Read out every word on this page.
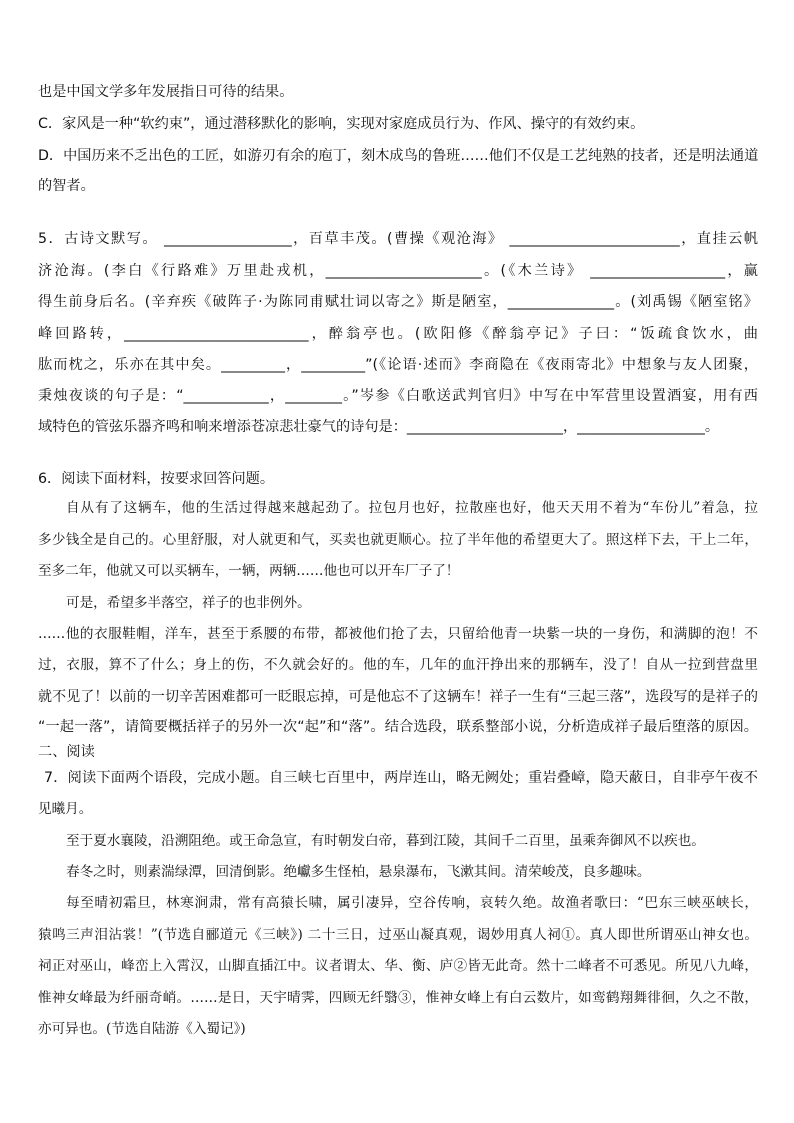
也是中国文学多年发展指日可待的结果。
C．家风是一种“软约束”，通过潜移默化的影响，实现对家庭成员行为、作风、操守的有效约束。
D．中国历来不乏出色的工匠，如游刃有余的庖丁，刻木成鸟的鲁班……他们不仅是工艺纯熟的技者，还是明法通道
的智者。
5．古诗文默写。 __________________，百草丰茂。(曹操《观沧海》 ________________________，直挂云帆
济沧海。(李白《行路难》万里赴戎机，______________________。(《木兰诗》 ___________________，赢
得生前身后名。(辛弃疾《破阵子·为陈同甫赋壮词以寄之》斯是陋室，_______________。(刘禹锡《陋室铭》
峰回路转，__________________________，醉翁亭也。(欧阳修《醉翁亭记》子曰：“饭疏食饮水，曲
肱而枕之，乐亦在其中矣。_________，_________”(《论语·述而》李商隐在《夜雨寄北》中想象与友人团聚，
秉烛夜谈的句子是：“____________，________。”岑参《白歌送武判官归》中写在中军营里设置酒宴，用有西
域特色的管弦乐器齐鸣和响来增添苍凉悲壮豪气的诗句是：______________________，__________________。
6．阅读下面材料，按要求回答问题。
自从有了这辆车，他的生活过得越来越起劲了。拉包月也好，拉散座也好，他天天用不着为“车份儿”着急，拉
多少钱全是自己的。心里舒服，对人就更和气，买卖也就更顺心。拉了半年他的希望更大了。照这样下去，干上二年，
至多二年，他就又可以买辆车，一辆，两辆……他也可以开车厂子了！
可是，希望多半落空，祥子的也非例外。
……他的衣服鞋帽，洋车，甚至于系腰的布带，都被他们抢了去，只留给他青一块紫一块的一身伤，和满脚的泡！不
过，衣服，算不了什么；身上的伤，不久就会好的。他的车，几年的血汗挣出来的那辆车，没了！自从一拉到营盘里
就不见了！以前的一切辛苦困难都可一眨眼忘掉，可是他忘不了这辆车！祥子一生有“三起三落”，选段写的是祥子的
“一起一落”，请简要概括祥子的另外一次“起”和“落”。结合选段，联系整部小说，分析造成祥子最后堕落的原因。
二、阅读
7．阅读下面两个语段，完成小题。自三峡七百里中，两岸连山，略无阙处；重岩叠嶂，隐天蔽日，自非亭午夜不
见曦月。
至于夏水襄陵，沿溯阻绝。或王命急宣，有时朝发白帝，暮到江陵，其间千二百里，虽乘奔御风不以疾也。
春冬之时，则素湍绿潭，回清倒影。绝巘多生怪柏，悬泉瀑布，飞漱其间。清荣峻茂，良多趣味。
每至晴初霜旦，林寒涧肃，常有高猿长啸，属引凄异，空谷传响，哀转久绝。故渔者歌曰：“巴东三峡巫峡长，
猿鸣三声泪沾裳！”(节选自郦道元《三峡》) 二十三日，过巫山凝真观，谒妙用真人祠①。真人即世所谓巫山神女也。
祠正对巫山，峰峦上入霄汉，山脚直插江中。议者谓太、华、衡、庐②皆无此奇。然十二峰者不可悉见。所见八九峰，
惟神女峰最为纤丽奇峭。……是日，天宇晴霁，四顾无纤翳③，惟神女峰上有白云数片，如鸾鹤翔舞徘徊，久之不散，
亦可异也。(节选自陆游《入蜀记》)
